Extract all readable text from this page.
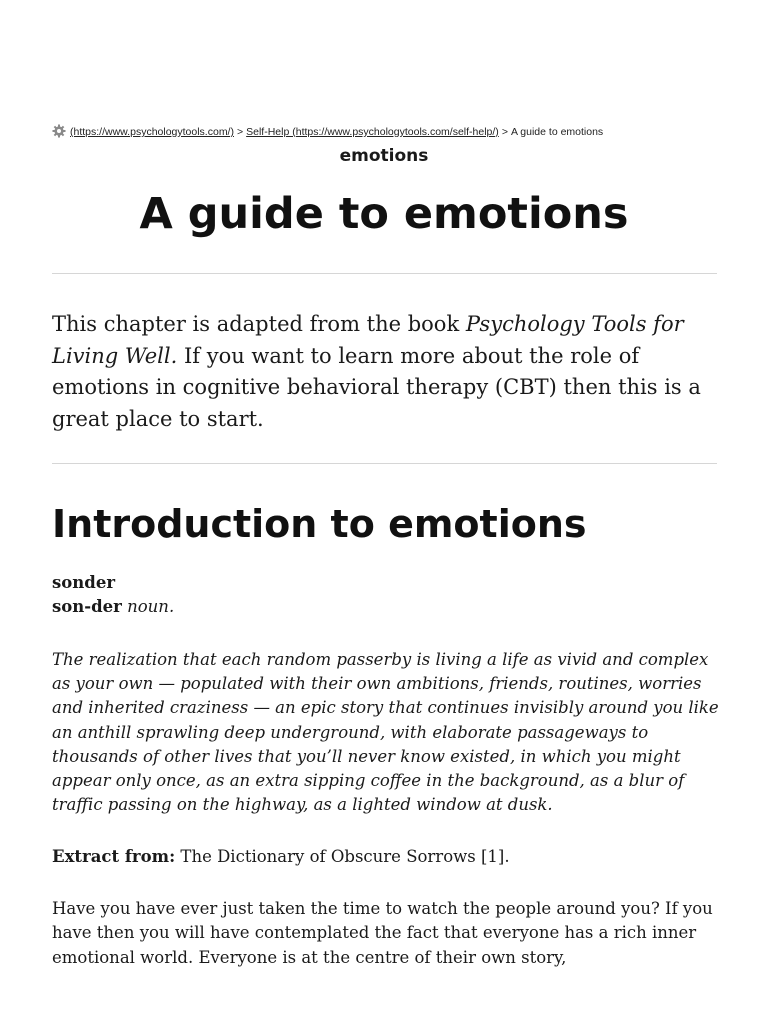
(https://www.psychologytools.com/) > Self-Help (https://www.psychologytools.com/self-help/) > A guide to emotions
emotions
A guide to emotions

This chapter is adapted from the book Psychology Tools for Living Well. If you want to learn more about the role of emotions in cognitive behavioral therapy (CBT) then this is a great place to start.

Introduction to emotions
sonder
son-der noun.

The realization that each random passerby is living a life as vivid and complex as your own — populated with their own ambitions, friends, routines, worries and inherited craziness — an epic story that continues invisibly around you like an anthill sprawling deep underground, with elaborate passageways to thousands of other lives that you’ll never know existed, in which you might appear only once, as an extra sipping coffee in the background, as a blur of traffic passing on the highway, as a lighted window at dusk.

Extract from: The Dictionary of Obscure Sorrows [1].

Have you have ever just taken the time to watch the people around you? If you have then you will have contemplated the fact that everyone has a rich inner emotional world. Everyone is at the centre of their own story,
